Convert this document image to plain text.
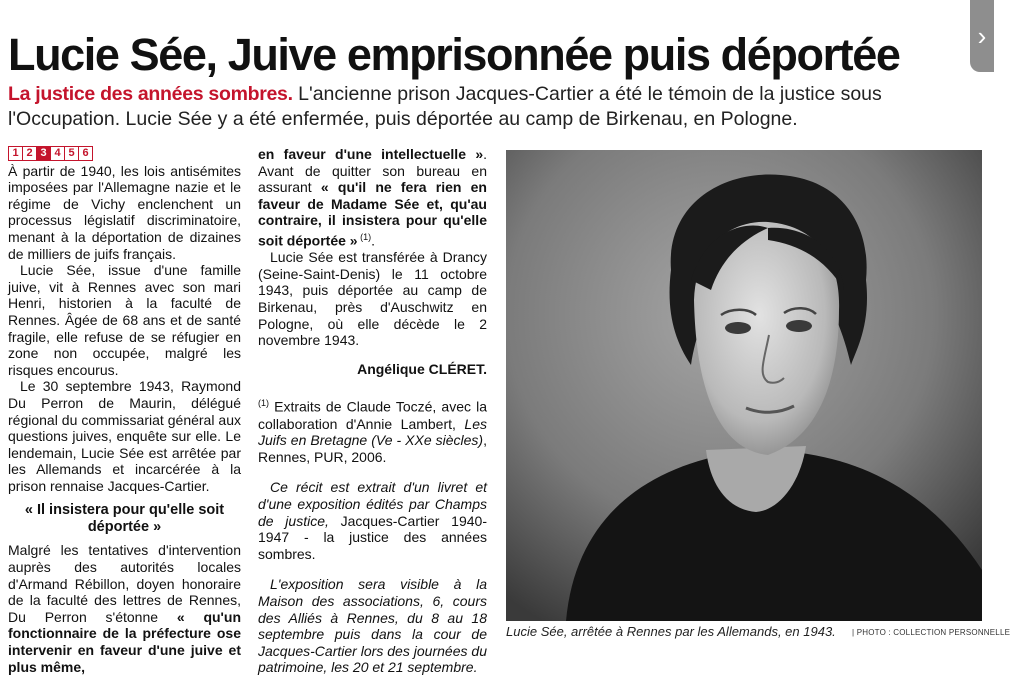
Lucie Sée, Juive emprisonnée puis déportée
La justice des années sombres. L'ancienne prison Jacques-Cartier a été le témoin de la justice sous l'Occupation. Lucie Sée y a été enfermée, puis déportée au camp de Birkenau, en Pologne.
1 2 3 4 5 6

À partir de 1940, les lois antisémites imposées par l'Allemagne nazie et le régime de Vichy enclenchent un processus législatif discriminatoire, menant à la déportation de dizaines de milliers de juifs français.

Lucie Sée, issue d'une famille juive, vit à Rennes avec son mari Henri, historien à la faculté de Rennes. Âgée de 68 ans et de santé fragile, elle refuse de se réfugier en zone non occupée, malgré les risques encourus.

Le 30 septembre 1943, Raymond Du Perron de Maurin, délégué régional du commissariat général aux questions juives, enquête sur elle. Le lendemain, Lucie Sée est arrêtée par les Allemands et incarcérée à la prison rennaise Jacques-Cartier.

« Il insistera pour qu'elle soit déportée »

Malgré les tentatives d'intervention auprès des autorités locales d'Armand Rébillon, doyen honoraire de la faculté des lettres de Rennes, Du Perron s'étonne « qu'un fonctionnaire de la préfecture ose intervenir en faveur d'une juive et plus même,

en faveur d'une intellectuelle ». Avant de quitter son bureau en assurant « qu'il ne fera rien en faveur de Madame Sée et, qu'au contraire, il insistera pour qu'elle soit déportée » $^{(1)}$.

Lucie Sée est transférée à Drancy (Seine-Saint-Denis) le 11 octobre 1943, puis déportée au camp de Birkenau, près d'Auschwitz en Pologne, où elle décède le 2 novembre 1943.

Angélique CLÉRET.

$^{(1)}$ Extraits de Claude Toczé, avec la collaboration d'Annie Lambert, Les Juifs en Bretagne (Ve - XXe siècles), Rennes, PUR, 2006.

Ce récit est extrait d'un livret et d'une exposition édités par Champs de justice, Jacques-Cartier 1940-1947 - la justice des années sombres.

L'exposition sera visible à la Maison des associations, 6, cours des Alliés à Rennes, du 8 au 18 septembre puis dans la cour de Jacques-Cartier lors des journées du patrimoine, les 20 et 21 septembre.

Lucie Sée, arrêtée à Rennes par les Allemands, en 1943. | PHOTO : COLLECTION PERSONNELLE
›
